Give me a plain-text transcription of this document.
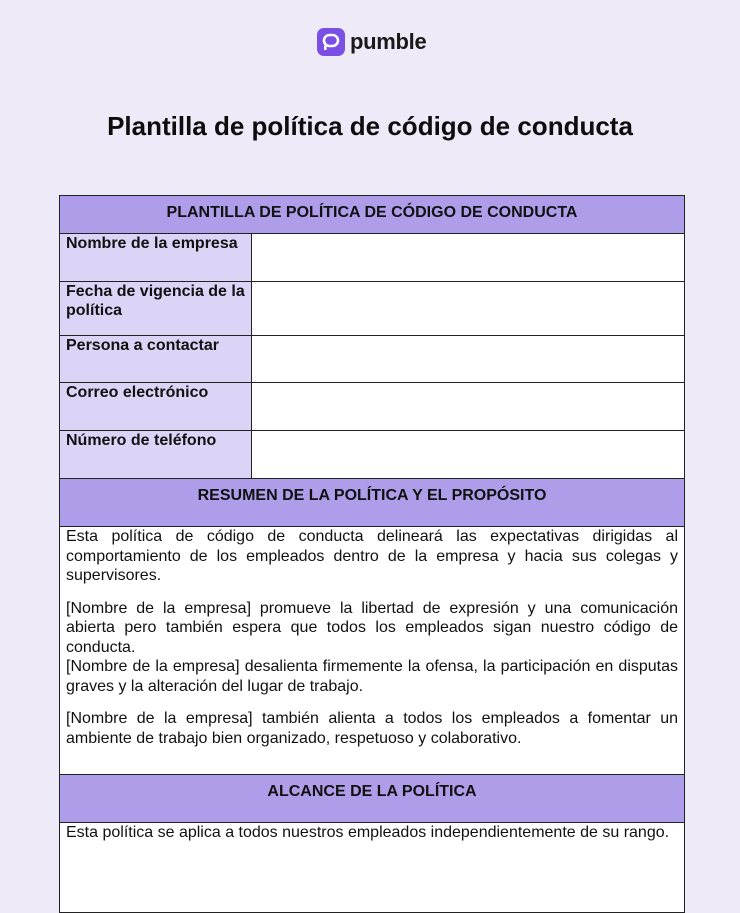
pumble
Plantilla de política de código de conducta
PLANTILLA DE POLÍTICA DE CÓDIGO DE CONDUCTA	
Nombre de la empresa	
Fecha de vigencia de la política	
Persona a contactar	
Correo electrónico	
Número de teléfono	
RESUMEN DE LA POLÍTICA Y EL PROPÓSITO	

Esta política de código de conducta delineará las expectativas dirigidas al comportamiento de los empleados dentro de la empresa y hacia sus colegas y supervisores.

[Nombre de la empresa] promueve la libertad de expresión y una comunicación abierta pero también espera que todos los empleados sigan nuestro código de conducta.

[Nombre de la empresa] desalienta firmemente la ofensa, la participación en disputas graves y la alteración del lugar de trabajo.

[Nombre de la empresa] también alienta a todos los empleados a fomentar un ambiente de trabajo bien organizado, respetuoso y colaborativo.	

ALCANCE DE LA POLÍTICA	

Esta política se aplica a todos nuestros empleados independientemente de su rango.	
